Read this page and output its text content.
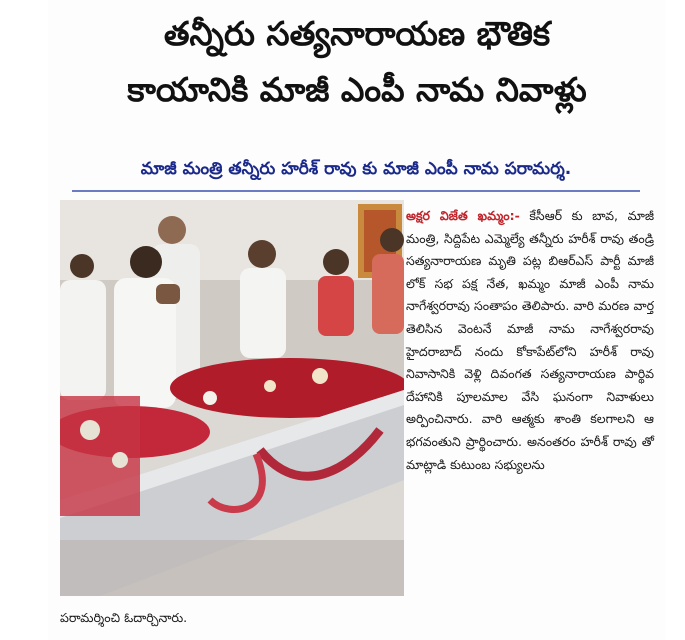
తన్నీరు సత్యనారాయణ భౌతిక
కాయానికి మాజీ ఎంపీ నామ నివాళ్లు
మాజీ మంత్రి తన్నీరు హరీశ్ రావు కు మాజీ ఎంపీ నామ పరామర్శ.
అక్షర విజేత ఖమ్మం:- కేసీఆర్ కు బావ, మాజీ మంత్రి, సిద్దిపేట ఎమ్మెల్యే తన్నీరు హరీశ్ రావు తండ్రి సత్యనారాయణ మృతి పట్ల బిఆర్ఎస్ పార్టీ మాజీ లోక్ సభ పక్ష నేత, ఖమ్మం మాజీ ఎంపీ నామ నాగేశ్వరరావు సంతాపం తెలిపారు. వారి మరణ వార్త తెలిసిన వెంటనే మాజీ నామ నాగేశ్వరరావు హైదరాబాద్ నందు కోకాపేట్‌లోని హరీశ్ రావు నివాసానికి వెళ్లి దివంగత సత్యనారాయణ పార్థివ దేహానికి పూలమాల వేసి ఘనంగా నివాళులు అర్పించినారు. వారి ఆత్మకు శాంతి కలగాలని ఆ భగవంతుని ప్రార్థించారు. అనంతరం హరీశ్ రావు తో మాట్లాడి కుటుంబ సభ్యులను
పరామర్శించి ఓదార్చినారు.
